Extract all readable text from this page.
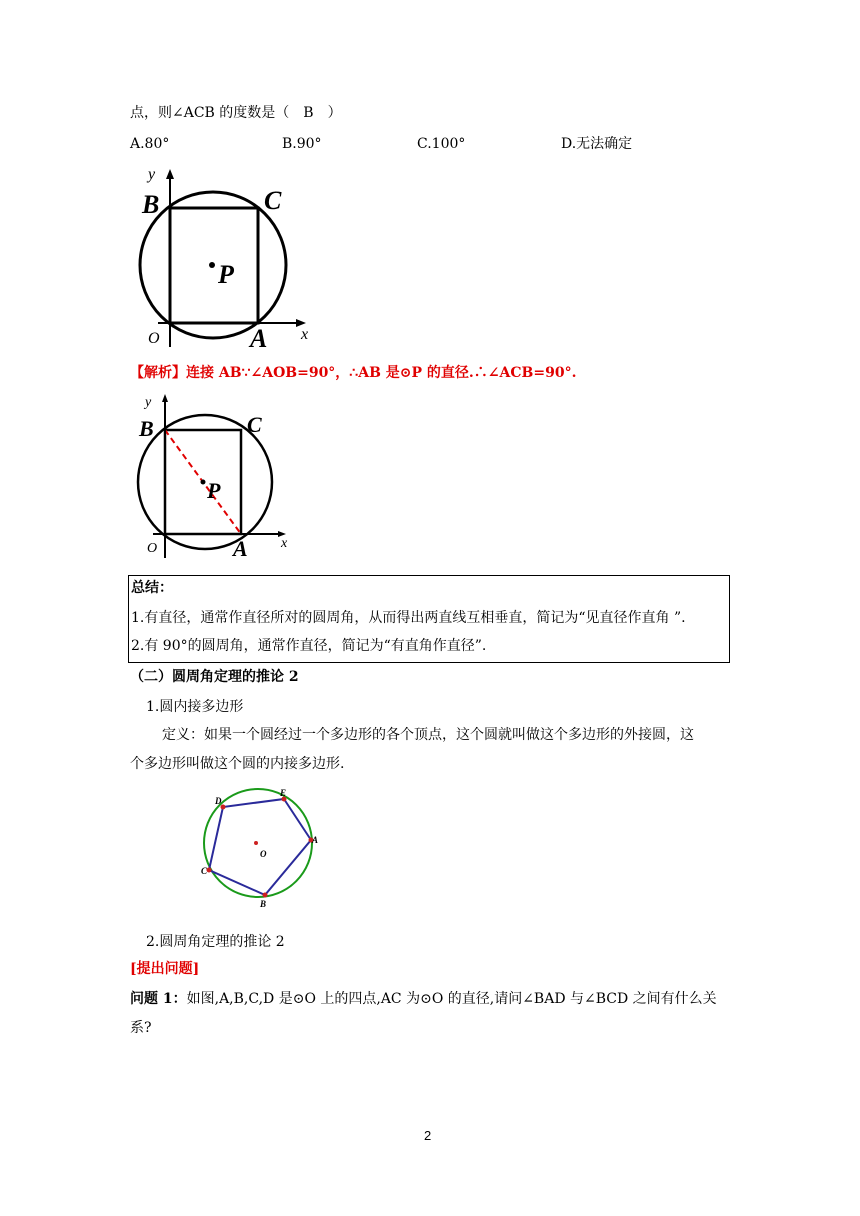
点，则∠ACB 的度数是（　B　）
A.80°	B.90°	C.100°	D.无法确定
y
B	C
P
O	A x
【解析】连接 AB∵∠AOB=90°，∴AB 是⊙P 的直径.∴∠ACB=90°.
y
B	C
P
O	A x
总结：
1.有直径，通常作直径所对的圆周角，从而得出两直线互相垂直，简记为“见直径作直角 ”.
2.有 90°的圆周角，通常作直径，简记为“有直角作直径”.
（二）圆周角定理的推论 2
1.圆内接多边形
定义：如果一个圆经过一个多边形的各个顶点，这个圆就叫做这个多边形的外接圆，这
个多边形叫做这个圆的内接多边形.
E
A
B
C
D
O
2.圆周角定理的推论 2
[提出问题]
问题 1：如图,A,B,C,D 是⊙O 上的四点,AC 为⊙O 的直径,请问∠BAD 与∠BCD 之间有什么关
系?
2
